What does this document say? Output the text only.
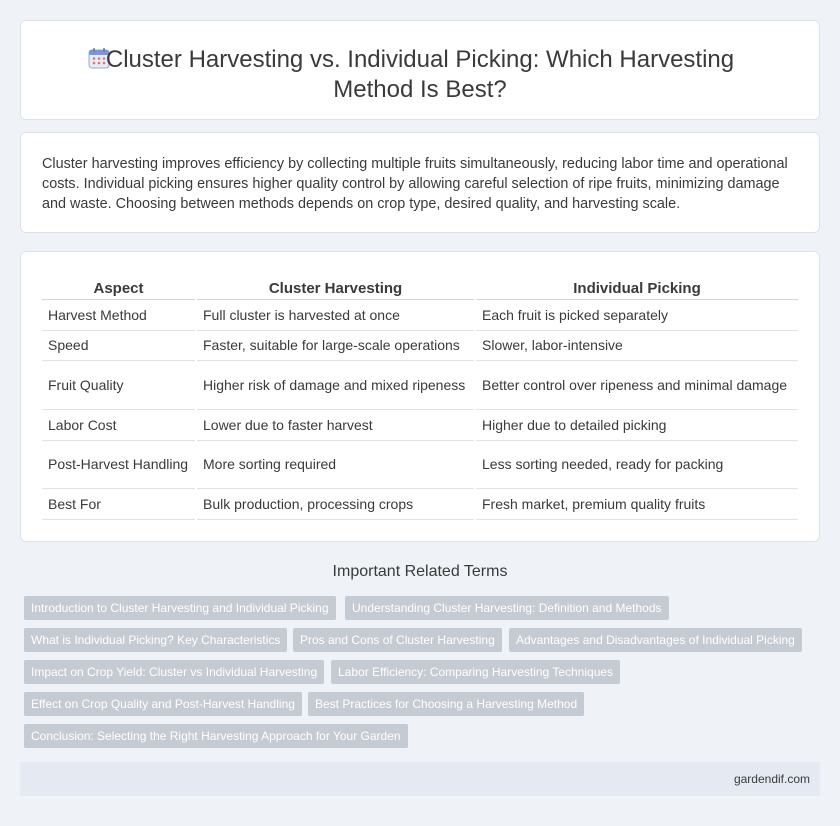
Cluster Harvesting vs. Individual Picking: Which Harvesting Method Is Best?

Cluster harvesting improves efficiency by collecting multiple fruits simultaneously, reducing labor time and operational costs. Individual picking ensures higher quality control by allowing careful selection of ripe fruits, minimizing damage and waste. Choosing between methods depends on crop type, desired quality, and harvesting scale.

Aspect	Cluster Harvesting	Individual Picking
Harvest Method	Full cluster is harvested at once	Each fruit is picked separately
Speed	Faster, suitable for large-scale operations	Slower, labor-intensive
Fruit Quality	Higher risk of damage and mixed ripeness	Better control over ripeness and minimal damage
Labor Cost	Lower due to faster harvest	Higher due to detailed picking
Post-Harvest Handling	More sorting required	Less sorting needed, ready for packing
Best For	Bulk production, processing crops	Fresh market, premium quality fruits
Important Related Terms
Introduction to Cluster Harvesting and Individual Picking	Understanding Cluster Harvesting: Definition and Methods
What is Individual Picking? Key Characteristics	Pros and Cons of Cluster Harvesting	Advantages and Disadvantages of Individual Picking
Impact on Crop Yield: Cluster vs Individual Harvesting	Labor Efficiency: Comparing Harvesting Techniques
Effect on Crop Quality and Post-Harvest Handling	Best Practices for Choosing a Harvesting Method
Conclusion: Selecting the Right Harvesting Approach for Your Garden
gardendif.com
